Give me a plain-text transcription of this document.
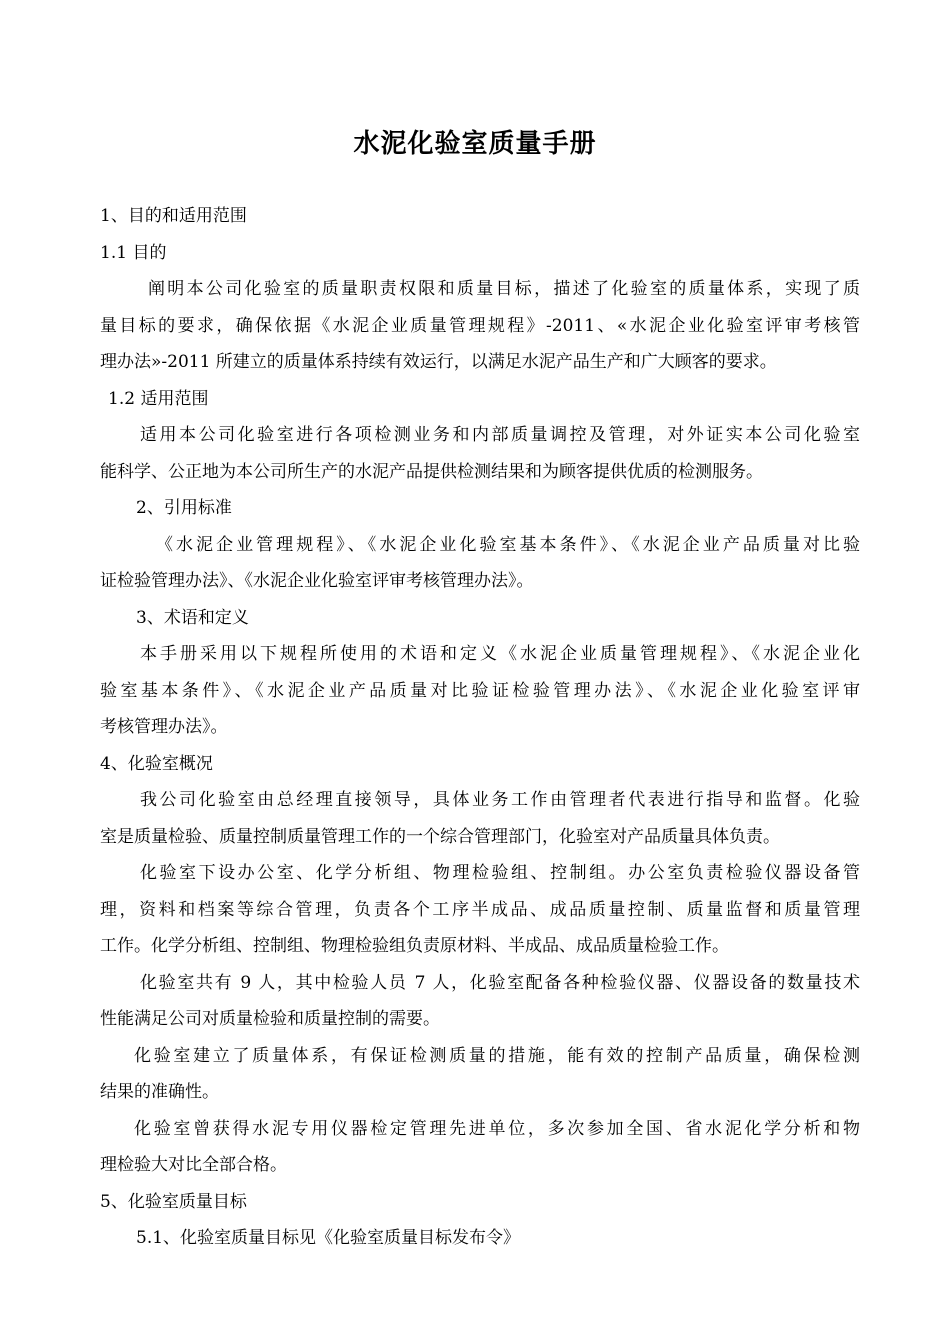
水泥化验室质量手册
1、目的和适用范围
1.1 目的
阐明本公司化验室的质量职责权限和质量目标，描述了化验室的质量体系，实现了质
量目标的要求，确保依据《水泥企业质量管理规程》-2011、«水泥企业化验室评审考核管
理办法»-2011 所建立的质量体系持续有效运行，以满足水泥产品生产和广大顾客的要求。
1.2 适用范围
适用本公司化验室进行各项检测业务和内部质量调控及管理，对外证实本公司化验室
能科学、公正地为本公司所生产的水泥产品提供检测结果和为顾客提供优质的检测服务。
2、引用标准
《水泥企业管理规程》、《水泥企业化验室基本条件》、《水泥企业产品质量对比验
证检验管理办法》、《水泥企业化验室评审考核管理办法》。
3、术语和定义
本手册采用以下规程所使用的术语和定义《水泥企业质量管理规程》、《水泥企业化
验室基本条件》、《水泥企业产品质量对比验证检验管理办法》、《水泥企业化验室评审
考核管理办法》。
4、化验室概况
我公司化验室由总经理直接领导，具体业务工作由管理者代表进行指导和监督。化验
室是质量检验、质量控制质量管理工作的一个综合管理部门，化验室对产品质量具体负责。
化验室下设办公室、化学分析组、物理检验组、控制组。办公室负责检验仪器设备管
理，资料和档案等综合管理，负责各个工序半成品、成品质量控制、质量监督和质量管理
工作。化学分析组、控制组、物理检验组负责原材料、半成品、成品质量检验工作。
化验室共有 9 人，其中检验人员 7 人，化验室配备各种检验仪器、仪器设备的数量技术
性能满足公司对质量检验和质量控制的需要。
化验室建立了质量体系，有保证检测质量的措施，能有效的控制产品质量，确保检测
结果的准确性。
化验室曾获得水泥专用仪器检定管理先进单位，多次参加全国、省水泥化学分析和物
理检验大对比全部合格。
5、化验室质量目标
5.1、化验室质量目标见《化验室质量目标发布令》
